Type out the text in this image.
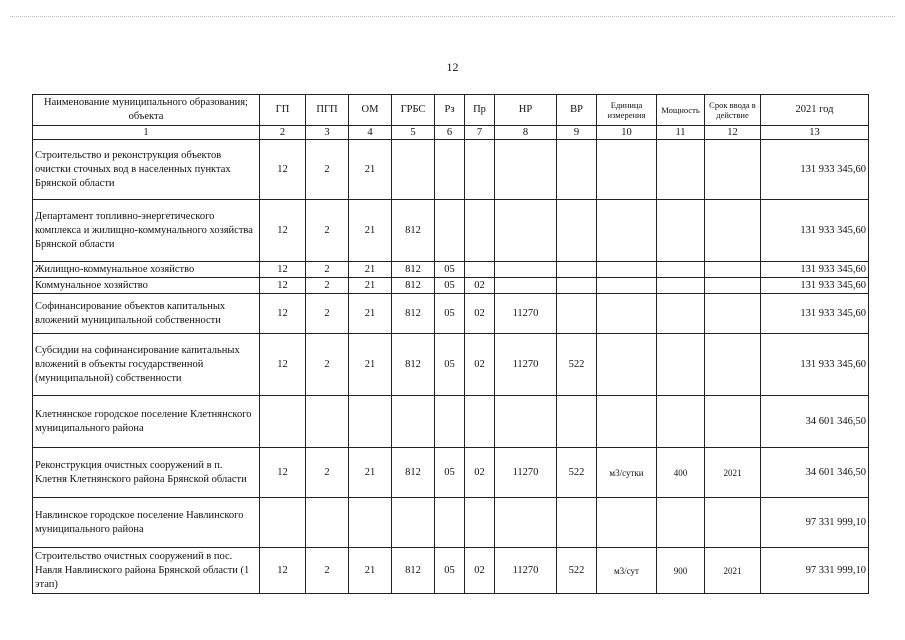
12
Наименование муниципального образования; объекта	ГП	ПГП	ОМ	ГРБС	Рз	Пр	НР	ВР	Единица измерения	Мощность	Срок ввода в действие	2021 год
1	2	3	4	5	6	7	8	9	10	11	12	13
Строительство и реконструкция объектов очистки сточных вод в населенных пунктах Брянской области	12	2	21									131 933 345,60
Департамент топливно-энергетического комплекса и жилищно-коммунального хозяйства Брянской области	12	2	21	812								131 933 345,60
Жилищно-коммунальное хозяйство	12	2	21	812	05							131 933 345,60
Коммунальное хозяйство	12	2	21	812	05	02						131 933 345,60
Софинансирование объектов капитальных вложений муниципальной собственности	12	2	21	812	05	02	11270					131 933 345,60
Субсидии на софинансирование капитальных вложений в объекты государственной (муниципальной) собственности	12	2	21	812	05	02	11270	522				131 933 345,60
Клетнянское городское поселение Клетнянского муниципального района												34 601 346,50
Реконструкция очистных сооружений в п. Клетня Клетнянского района Брянской области	12	2	21	812	05	02	11270	522	м3/сутки	400	2021	34 601 346,50
Навлинское городское поселение Навлинского муниципального района												97 331 999,10
Строительство очистных сооружений в пос. Навля Навлинского района Брянской области (1 этап)	12	2	21	812	05	02	11270	522	м3/сут	900	2021	97 331 999,10
